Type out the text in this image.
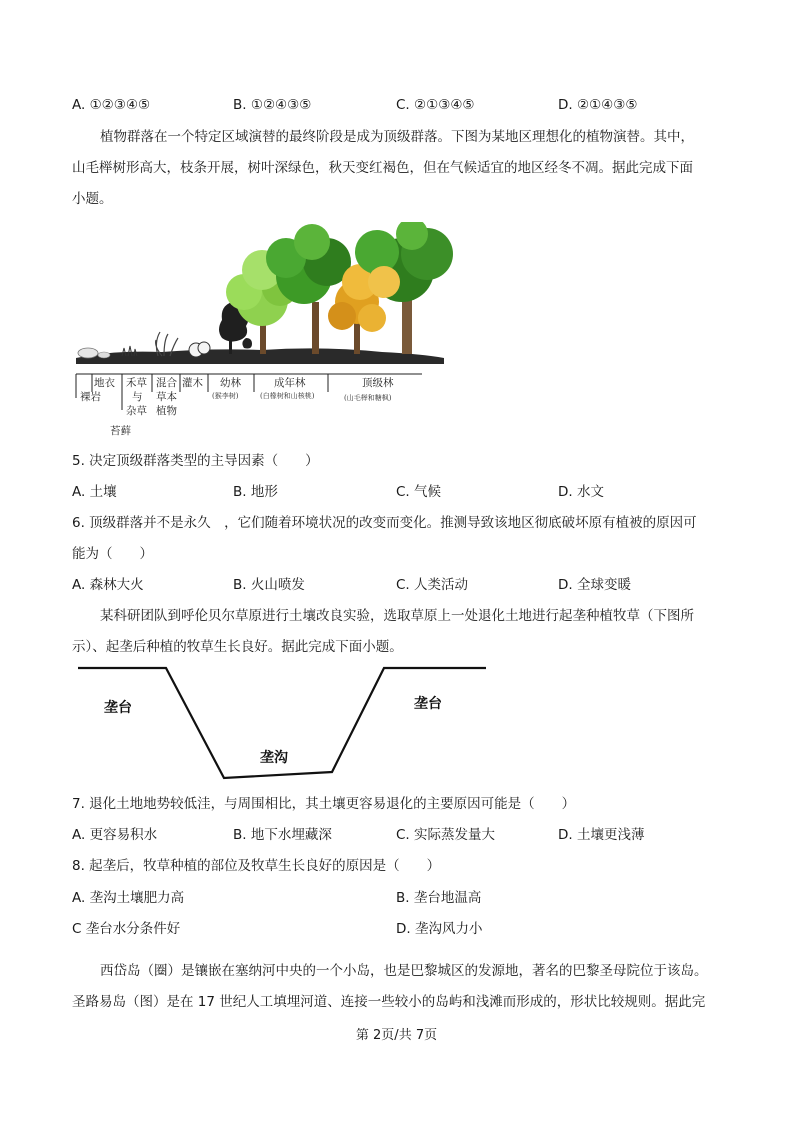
A. ①②③④⑤	B. ①②④③⑤	C. ②①③④⑤	D. ②①④③⑤
植物群落在一个特定区域演替的最终阶段是成为顶级群落。下图为某地区理想化的植物演替。其中，
山毛榉树形高大，枝条开展，树叶深绿色，秋天变红褐色，但在气候适宜的地区经冬不凋。据此完成下面
小题。
地衣
裸岩
禾草
与
杂草
苔藓
混合
草本
植物
灌木 幼林
(猴李树)
成年林
(白橡树和山核桃)
顶级林
(山毛榉和糖枫)
5. 决定顶级群落类型的主导因素（　　）
A. 土壤	B. 地形	C. 气候	D. 水文
6. 顶级群落并不是永久　，它们随着环境状况的改变而变化。推测导致该地区彻底破坏原有植被的原因可
能为（　　）
A. 森林大火	B. 火山喷发	C. 人类活动	D. 全球变暖
某科研团队到呼伦贝尔草原进行土壤改良实验，选取草原上一处退化土地进行起垄种植牧草（下图所
示）、起垄后种植的牧草生长良好。据此完成下面小题。
垄台	垄台
垄沟
7. 退化土地地势较低洼，与周围相比，其土壤更容易退化的主要原因可能是（　　）
A. 更容易积水	B. 地下水埋藏深	C. 实际蒸发量大	D. 土壤更浅薄
8. 起垄后，牧草种植的部位及牧草生长良好的原因是（　　）
A. 垄沟土壤肥力高	B. 垄台地温高
C 垄台水分条件好	D. 垄沟风力小
西岱岛（圈）是镶嵌在塞纳河中央的一个小岛，也是巴黎城区的发源地，著名的巴黎圣母院位于该岛。
圣路易岛（图）是在 17 世纪人工填埋河道、连接一些较小的岛屿和浅滩而形成的，形状比较规则。据此完
第 2页/共 7页
